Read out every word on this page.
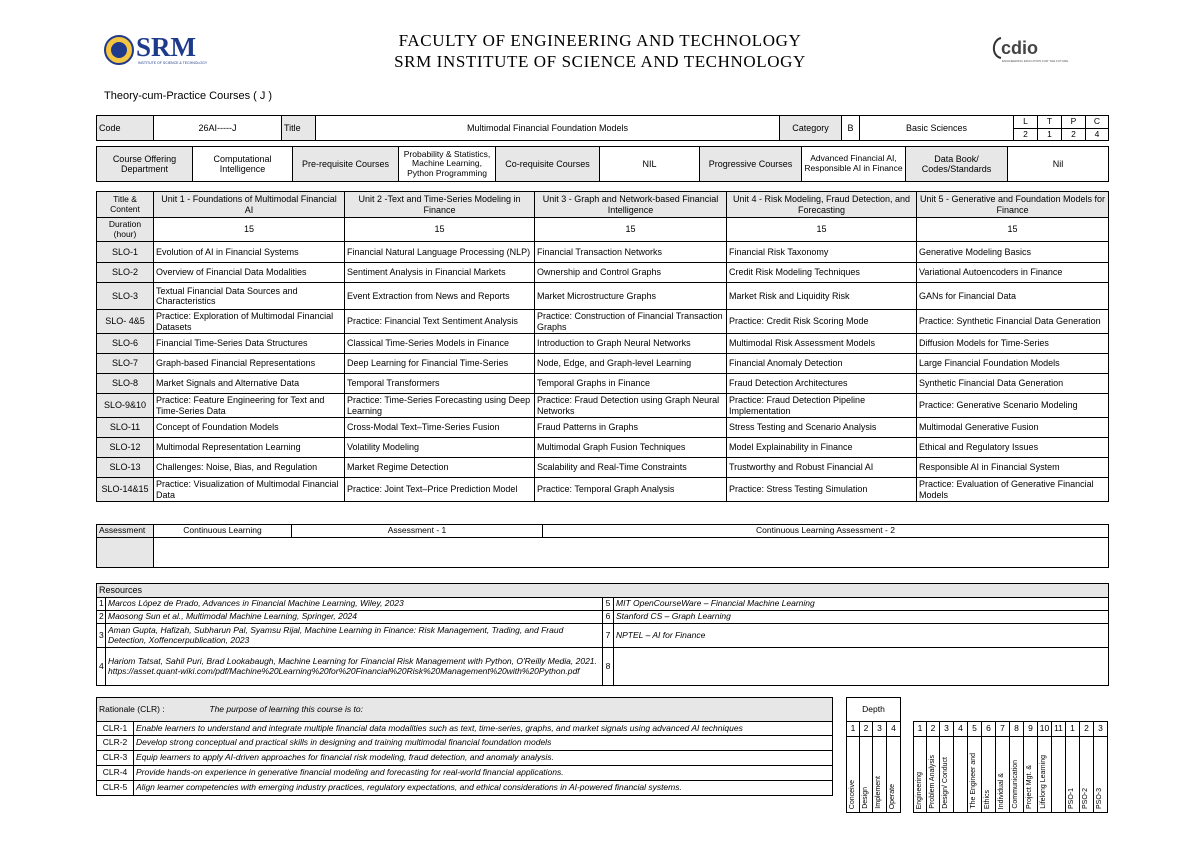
SRM
INSTITUTE OF SCIENCE & TECHNOLOGY
FACULTY OF ENGINEERING AND TECHNOLOGY
SRM INSTITUTE OF SCIENCE AND TECHNOLOGY
cdio
ENGINEERING EDUCATION FOR THE FUTURE
Theory-cum-Practice Courses ( J )
Code	26AI-----J	Title	Multimodal Financial Foundation Models	Category	B	Basic Sciences	L	T	P	C
							2	1	2	4
Course Offering Department	Computational Intelligence	Pre-requisite Courses	Probability & Statistics, Machine Learning, Python Programming	Co-requisite Courses	NIL	Progressive Courses	Advanced Financial AI, Responsible AI in Finance	Data Book/ Codes/Standards	Nil
Title & Content	Unit 1 - Foundations of Multimodal Financial AI	Unit 2 -Text and Time-Series Modeling in Finance	Unit 3 - Graph and Network-based Financial Intelligence	Unit 4 - Risk Modeling, Fraud Detection, and Forecasting	Unit 5 - Generative and Foundation Models for Finance
Duration (hour)	15	15	15	15	15
SLO-1	Evolution of AI in Financial Systems	Financial Natural Language Processing (NLP)	Financial Transaction Networks	Financial Risk Taxonomy	Generative Modeling Basics
SLO-2	Overview of Financial Data Modalities	Sentiment Analysis in Financial Markets	Ownership and Control Graphs	Credit Risk Modeling Techniques	Variational Autoencoders in Finance
SLO-3	Textual Financial Data Sources and Characteristics	Event Extraction from News and Reports	Market Microstructure Graphs	Market Risk and Liquidity Risk	GANs for Financial Data
SLO- 4&5	Practice: Exploration of Multimodal Financial Datasets	Practice: Financial Text Sentiment Analysis	Practice: Construction of Financial Transaction Graphs	Practice: Credit Risk Scoring Mode	Practice: Synthetic Financial Data Generation
SLO-6	Financial Time-Series Data Structures	Classical Time-Series Models in Finance	Introduction to Graph Neural Networks	Multimodal Risk Assessment Models	Diffusion Models for Time-Series
SLO-7	Graph-based Financial Representations	Deep Learning for Financial Time-Series	Node, Edge, and Graph-level Learning	Financial Anomaly Detection	Large Financial Foundation Models
SLO-8	Market Signals and Alternative Data	Temporal Transformers	Temporal Graphs in Finance	Fraud Detection Architectures	Synthetic Financial Data Generation
SLO-9&10	Practice: Feature Engineering for Text and Time-Series Data	Practice: Time-Series Forecasting using Deep Learning	Practice: Fraud Detection using Graph Neural Networks	Practice: Fraud Detection Pipeline Implementation	Practice: Generative Scenario Modeling
SLO-11	Concept of Foundation Models	Cross-Modal Text–Time-Series Fusion	Fraud Patterns in Graphs	Stress Testing and Scenario Analysis	Multimodal Generative Fusion
SLO-12	Multimodal Representation Learning	Volatility Modeling	Multimodal Graph Fusion Techniques	Model Explainability in Finance	Ethical and Regulatory Issues
SLO-13	Challenges: Noise, Bias, and Regulation	Market Regime Detection	Scalability and Real-Time Constraints	Trustworthy and Robust Financial AI	Responsible AI in Financial System
SLO-14&15	Practice: Visualization of Multimodal Financial Data	Practice: Joint Text–Price Prediction Model	Practice: Temporal Graph Analysis	Practice: Stress Testing Simulation	Practice: Evaluation of Generative Financial Models
Assessment	Continuous Learning	Assessment - 1	Continuous Learning Assessment - 2

Resources			
1	Marcos López de Prado, Advances in Financial Machine Learning, Wiley, 2023	5	MIT OpenCourseWare – Financial Machine Learning
2	Maosong Sun et al., Multimodal Machine Learning, Springer, 2024	6	Stanford CS – Graph Learning
3	Aman Gupta, Hafizah, Subharun Pal, Syamsu Rijal, Machine Learning in Finance: Risk Management, Trading, and Fraud Detection, Xoffencerpublication, 2023	7	NPTEL – AI for Finance
4	Hariom Tatsat, Sahil Puri, Brad Lookabaugh, Machine Learning for Financial Risk Management with Python, O'Reilly Media, 2021. https://asset.quant-wiki.com/pdf/Machine%20Learning%20for%20Financial%20Risk%20Management%20with%20Python.pdf	8	
Rationale (CLR) : The purpose of learning this course is to:	
CLR-1	Enable learners to understand and integrate multiple financial data modalities such as text, time-series, graphs, and market signals using advanced AI techniques
CLR-2	Develop strong conceptual and practical skills in designing and training multimodal financial foundation models
CLR-3	Equip learners to apply AI-driven approaches for financial risk modeling, fraud detection, and anomaly analysis.
CLR-4	Provide hands-on experience in generative financial modeling and forecasting for real-world financial applications.
CLR-5	Align learner competencies with emerging industry practices, regulatory expectations, and ethical considerations in AI-powered financial systems.
Depth			
1	2	3	4
Conceive	Design	Implement	Operate
1	2	3	4	5	6	7	8	9	10	11	1	2	3
Engineering	Problem Analysis	Design/ Conduct		The Engineer and	Ethics	Individual &	Communication	Project Mgt. &	Lifelong Learning		PSO-1	PSO-2	PSO-3
